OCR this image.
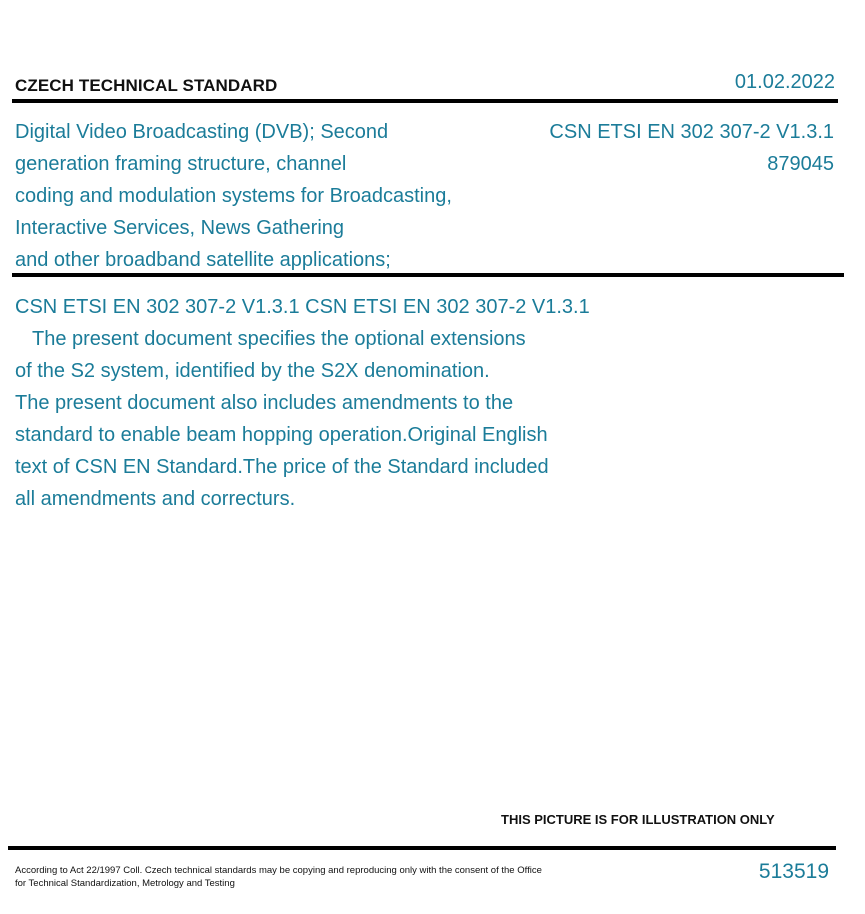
CZECH TECHNICAL STANDARD	01.02.2022
Digital Video Broadcasting (DVB); Second
generation framing structure, channel
coding and modulation systems for Broadcasting,
Interactive Services, News Gathering
and other broadband satellite applications;
CSN ETSI EN 302 307-2 V1.3.1
879045
CSN ETSI EN 302 307-2 V1.3.1 CSN ETSI EN 302 307-2 V1.3.1
The present document specifies the optional extensions
of the S2 system, identified by the S2X denomination.
The present document also includes amendments to the
standard to enable beam hopping operation.Original English
text of CSN EN Standard.The price of the Standard included
all amendments and correcturs.
THIS PICTURE IS FOR ILLUSTRATION ONLY
According to Act 22/1997 Coll. Czech technical standards may be copying and reproducing only with the consent of the Office
for Technical Standardization, Metrology and Testing
513519
